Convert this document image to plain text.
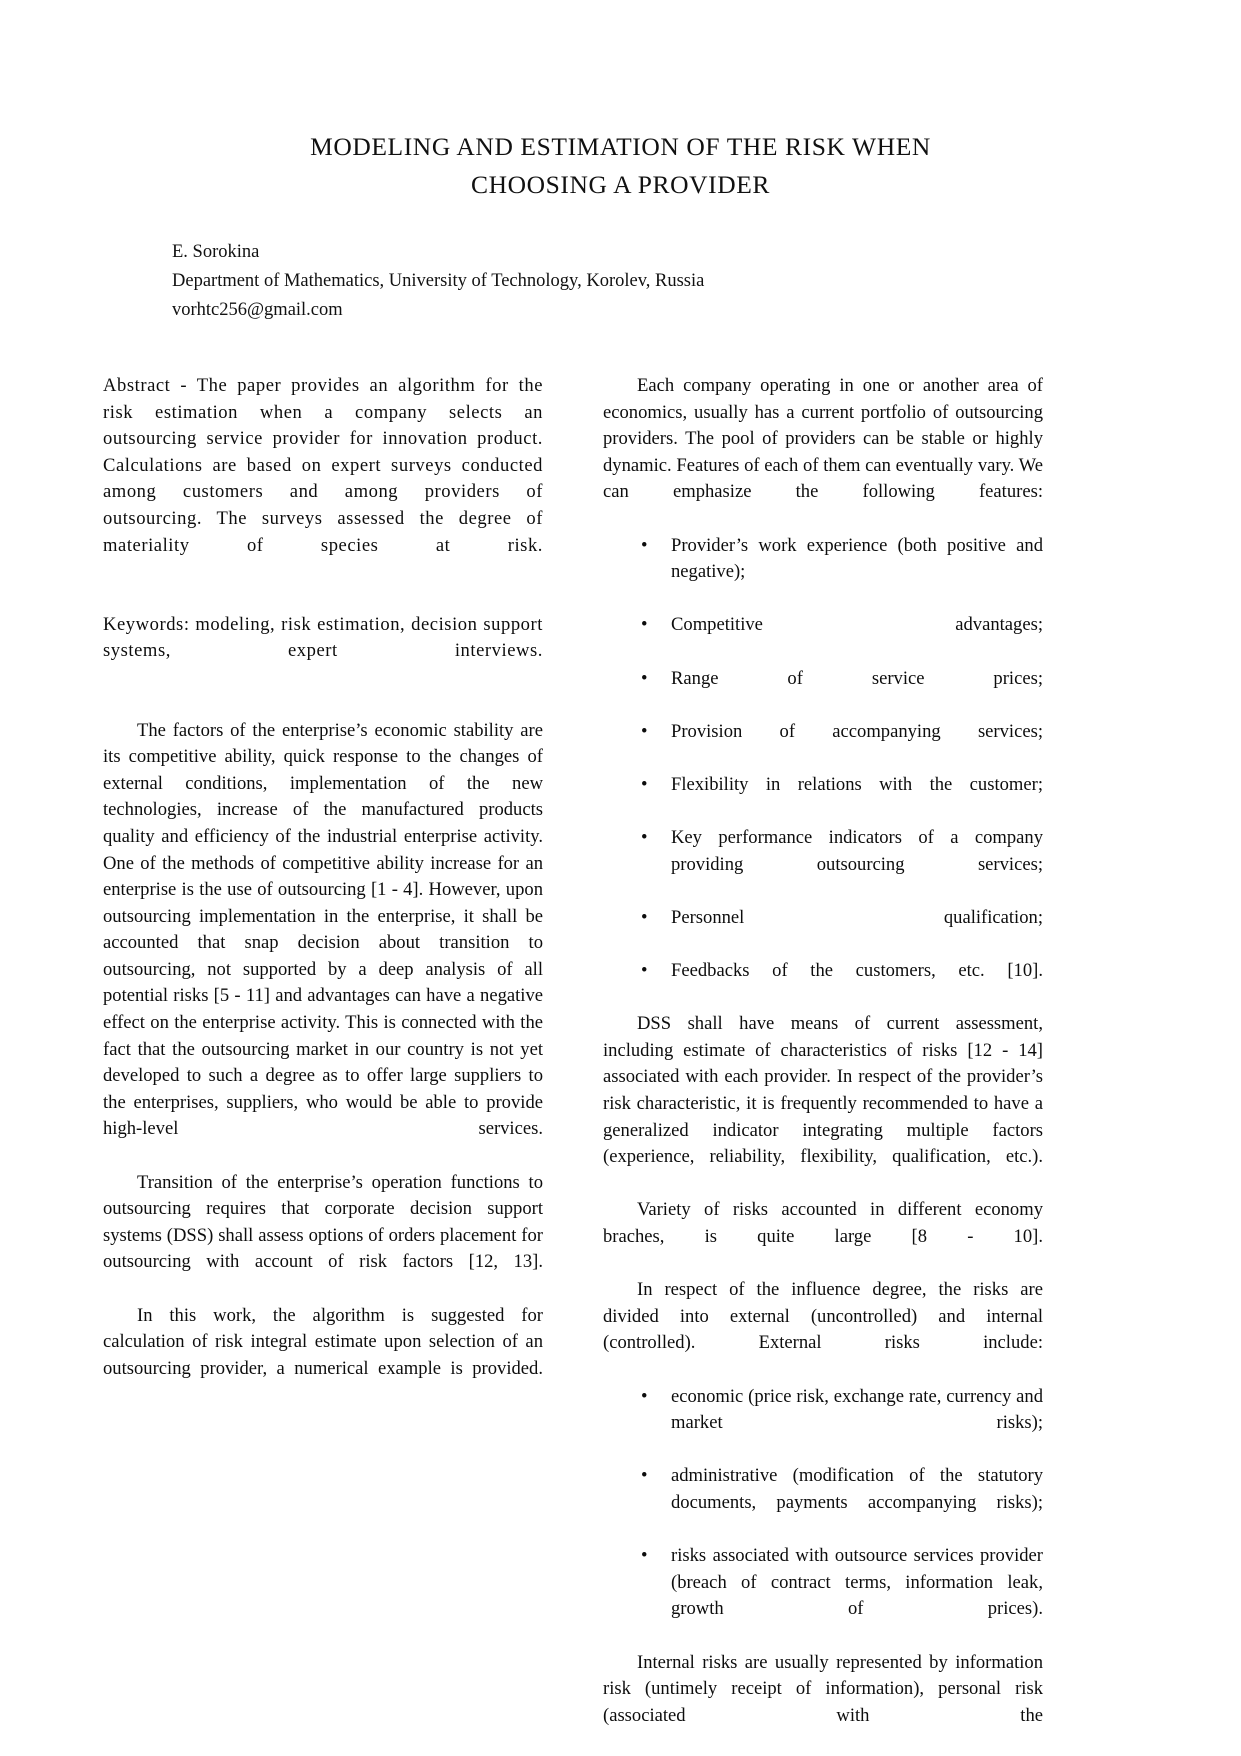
MODELING AND ESTIMATION OF THE RISK WHEN
CHOOSING A PROVIDER
E. Sorokina
Department of Mathematics, University of Technology, Korolev, Russia
vorhtc256@gmail.com

Abstract - The paper provides an algorithm for the risk estimation when a company selects an outsourcing service provider for innovation product. Calculations are based on expert surveys conducted among customers and among providers of outsourcing. The surveys assessed the degree of materiality of species at risk.

Keywords: modeling, risk estimation, decision support systems, expert interviews.

The factors of the enterprise’s economic stability are its competitive ability, quick response to the changes of external conditions, implementation of the new technologies, increase of the manufactured products quality and efficiency of the industrial enterprise activity. One of the methods of competitive ability increase for an enterprise is the use of outsourcing [1 - 4]. However, upon outsourcing implementation in the enterprise, it shall be accounted that snap decision about transition to outsourcing, not supported by a deep analysis of all potential risks [5 - 11] and advantages can have a negative effect on the enterprise activity. This is connected with the fact that the outsourcing market in our country is not yet developed to such a degree as to offer large suppliers to the enterprises, suppliers, who would be able to provide high-level services.

Transition of the enterprise’s operation functions to outsourcing requires that corporate decision support systems (DSS) shall assess options of orders placement for outsourcing with account of risk factors [12, 13].

In this work, the algorithm is suggested for calculation of risk integral estimate upon selection of an outsourcing provider, a numerical example is provided.

Each company operating in one or another area of economics, usually has a current portfolio of outsourcing providers. The pool of providers can be stable or highly dynamic. Features of each of them can eventually vary. We can emphasize the following features:

• Provider’s work experience (both positive and negative);
• Competitive advantages;
• Range of service prices;
• Provision of accompanying services;
• Flexibility in relations with the customer;
• Key performance indicators of a company providing outsourcing services;
• Personnel qualification;
• Feedbacks of the customers, etc. [10].

DSS shall have means of current assessment, including estimate of characteristics of risks [12 - 14] associated with each provider. In respect of the provider’s risk characteristic, it is frequently recommended to have a generalized indicator integrating multiple factors (experience, reliability, flexibility, qualification, etc.).

Variety of risks accounted in different economy braches, is quite large [8 - 10].

In respect of the influence degree, the risks are divided into external (uncontrolled) and internal (controlled). External risks include:

• economic (price risk, exchange rate, currency and market risks);
• administrative (modification of the statutory documents, payments accompanying risks);
• risks associated with outsource services provider (breach of contract terms, information leak, growth of prices).

Internal risks are usually represented by information risk (untimely receipt of information), personal risk (associated with the
